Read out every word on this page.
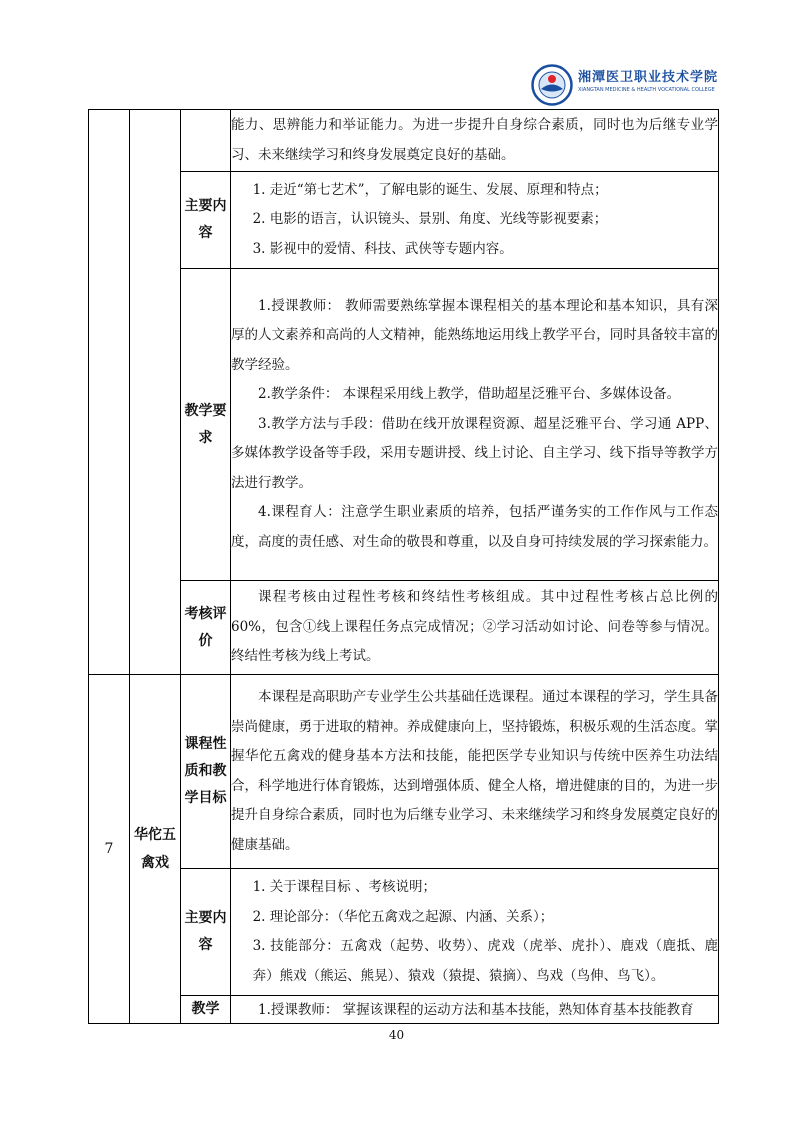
湘潭医卫职业技术学院
XIANGTAN MEDICINE & HEALTH VOCATIONAL COLLEGE

			能力、思辨能力和举证能力。为进一步提升自身综合素质，同时也为后继专业学习、未来继续学习和终身发展奠定良好的基础。

		主要内容	1. 走近“第七艺术”，了解电影的诞生、发展、原理和特点；

2. 电影的语言，认识镜头、景别、角度、光线等影视要素；

3. 影视中的爱情、科技、武侠等专题内容。

		教学要求	1.授课教师： 教师需要熟练掌握本课程相关的基本理论和基本知识，具有深厚的人文素养和高尚的人文精神，能熟练地运用线上教学平台，同时具备较丰富的教学经验。

2.教学条件： 本课程采用线上教学，借助超星泛雅平台、多媒体设备。

3.教学方法与手段：借助在线开放课程资源、超星泛雅平台、学习通 APP、多媒体教学设备等手段，采用专题讲授、线上讨论、自主学习、线下指导等教学方法进行教学。

4.课程育人：注意学生职业素质的培养，包括严谨务实的工作作风与工作态度，高度的责任感、对生命的敬畏和尊重，以及自身可持续发展的学习探索能力。

		考核评价	课程考核由过程性考核和终结性考核组成。其中过程性考核占总比例的 60%，包含①线上课程任务点完成情况；②学习活动如讨论、问卷等参与情况。终结性考核为线上考试。

7	华佗五禽戏	课程性质和教学目标	本课程是高职助产专业学生公共基础任选课程。通过本课程的学习，学生具备崇尚健康，勇于进取的精神。养成健康向上，坚持锻炼，积极乐观的生活态度。掌握华佗五禽戏的健身基本方法和技能，能把医学专业知识与传统中医养生功法结合，科学地进行体育锻炼，达到增强体质、健全人格，增进健康的目的，为进一步提升自身综合素质，同时也为后继专业学习、未来继续学习和终身发展奠定良好的健康基础。

		主要内容	1. 关于课程目标 、考核说明；

2. 理论部分：（华佗五禽戏之起源、内涵、关系）；

3. 技能部分：五禽戏（起势、收势）、虎戏（虎举、虎扑）、鹿戏（鹿抵、鹿奔）熊戏（熊运、熊晃）、猿戏（猿提、猿摘）、鸟戏（鸟伸、鸟飞）。

		教学	1.授课教师： 掌握该课程的运动方法和基本技能，熟知体育基本技能教育

40
